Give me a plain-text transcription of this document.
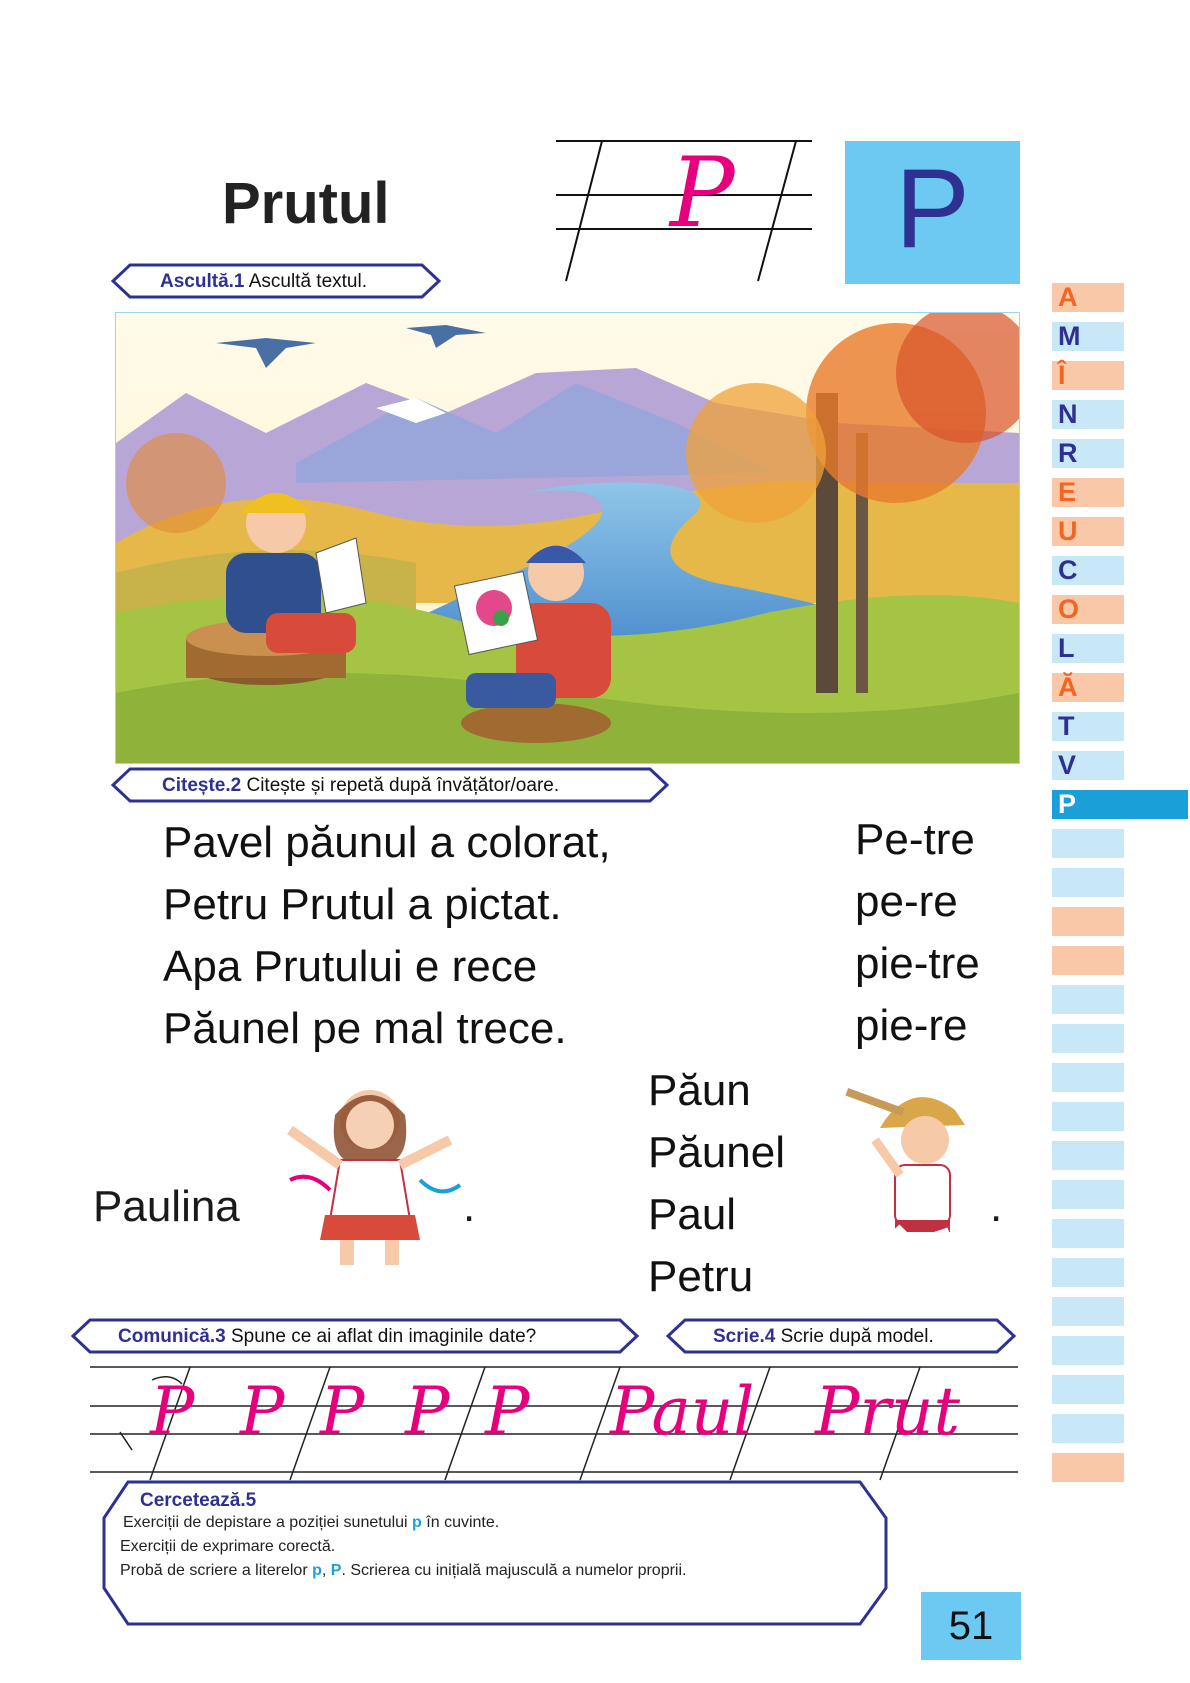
Prutul	P	P
Ascultă.1 Ascultă textul.
Citește.2 Citește și repetă după învățător/oare.
Pavel păunul a colorat,
Petru Prutul a pictat.
Apa Prutului e rece
Păunel pe mal trece.
Pe-tre
pe-re
pie-tre
pie-re
Paulina	.
Păun
Păunel
Paul
Petru
.
Comunică.3 Spune ce ai aflat din imaginile date?	Scrie.4 Scrie după model.
P P P P P Paul Prut
Cercetează.5
Exerciții de depistare a poziției sunetului p în cuvinte.
Exerciții de exprimare corectă.
Probă de scriere a literelor p, P. Scrierea cu inițială majusculă a numelor proprii.
51
A
M
Î
N
R
E
U
C
O
L
Ă
T
V
P
